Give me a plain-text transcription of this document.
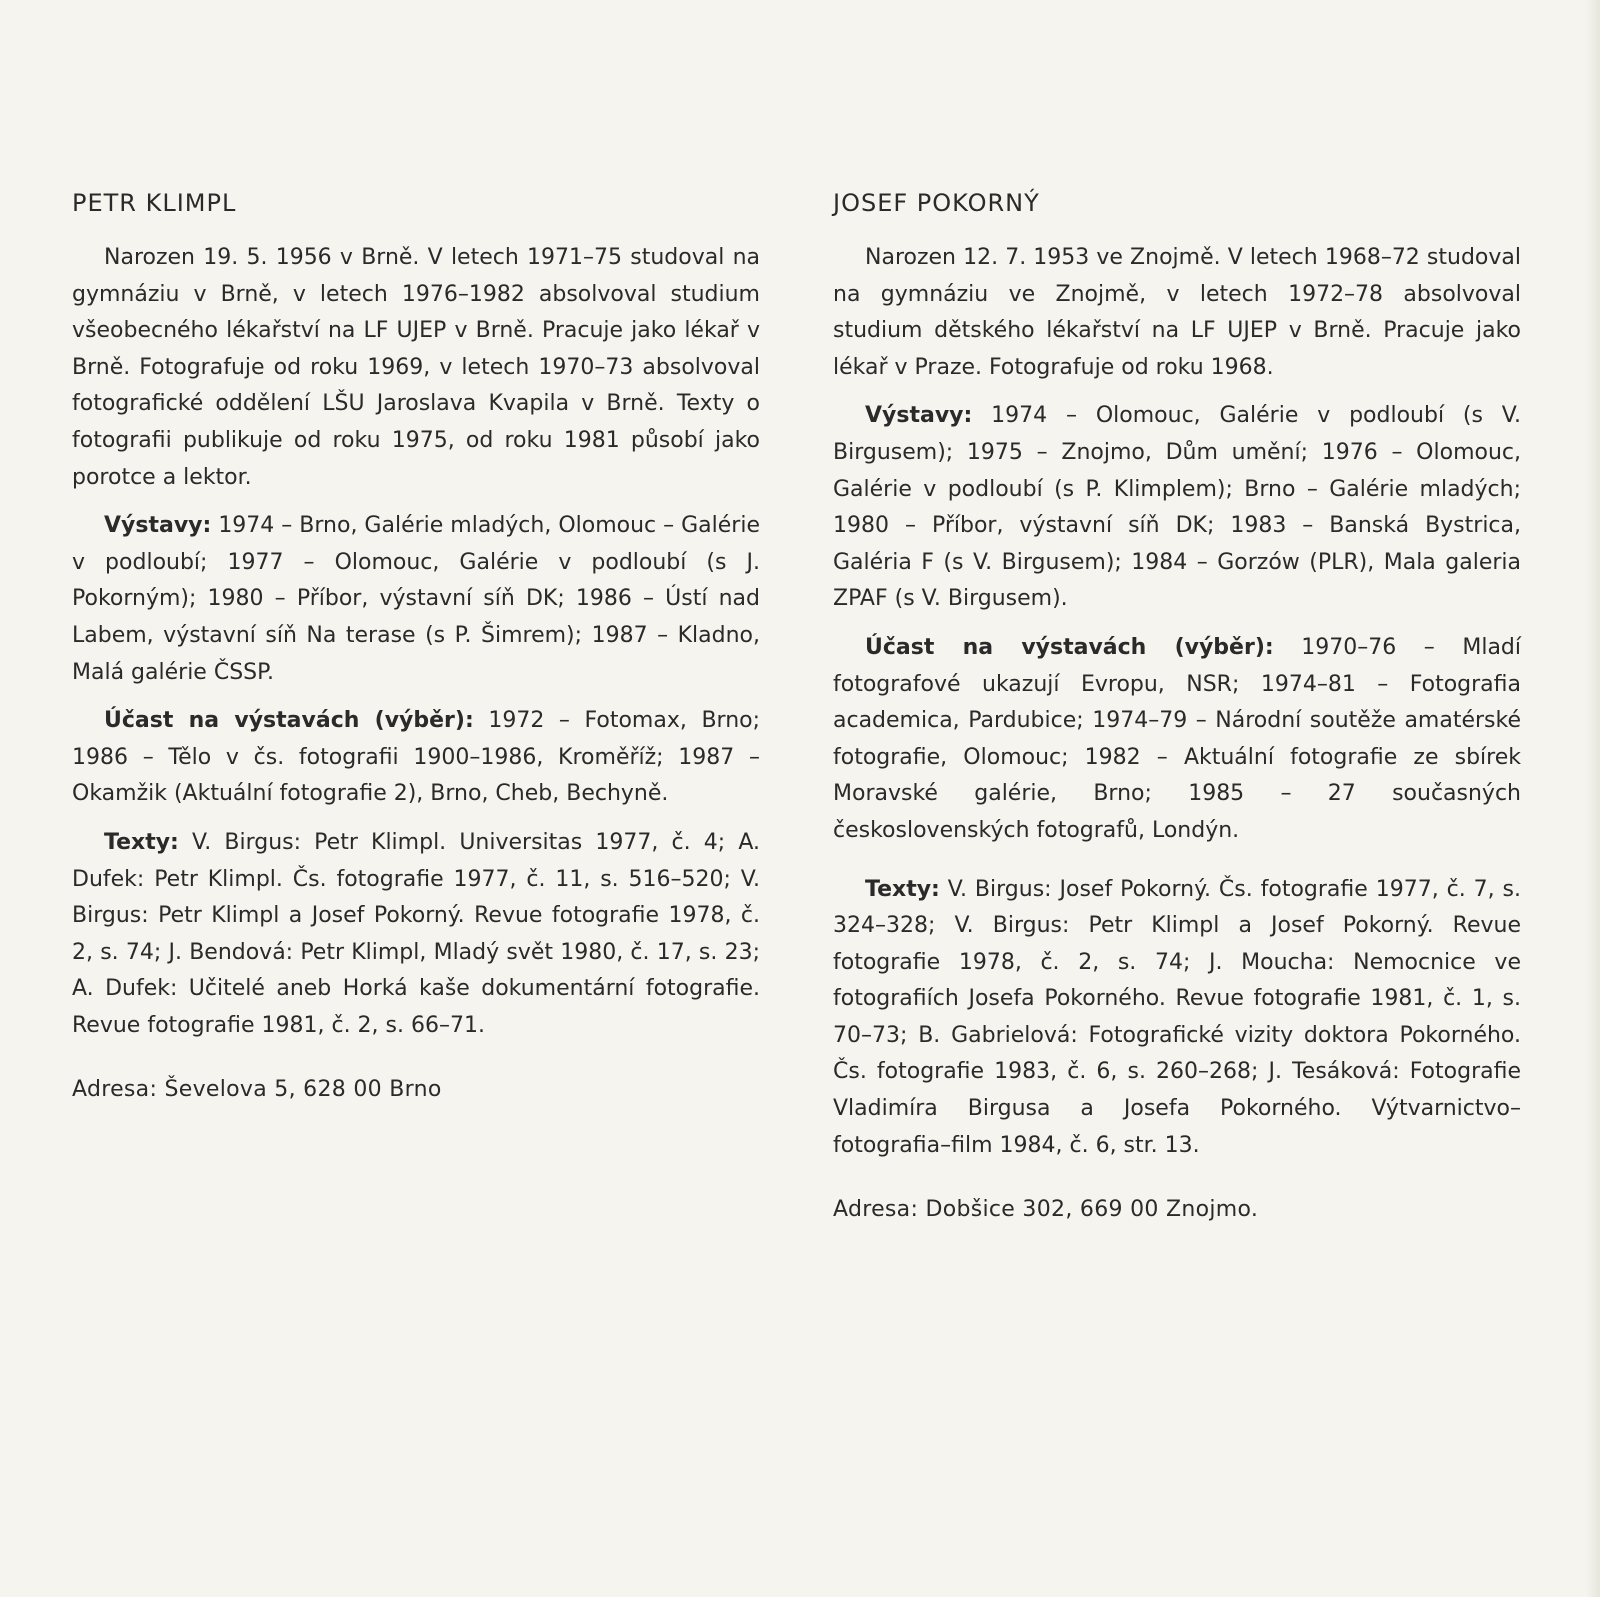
PETR KLIMPL

Narozen 19. 5. 1956 v Brně. V letech 1971–75 studoval na gymnáziu v Brně, v letech 1976–1982 absolvoval studium všeobecného lékařství na LF UJEP v Brně. Pracuje jako lékař v Brně. Fotografuje od roku 1969, v letech 1970–73 absolvoval fotografické oddělení LŠU Jaroslava Kvapila v Brně. Texty o fotografii publikuje od roku 1975, od roku 1981 působí jako porotce a lektor.

Výstavy: 1974 – Brno, Galérie mladých, Olomouc – Galérie v podloubí; 1977 – Olomouc, Galérie v podloubí (s J. Pokorným); 1980 – Příbor, výstavní síň DK; 1986 – Ústí nad Labem, výstavní síň Na terase (s P. Šimrem); 1987 – Kladno, Malá galérie ČSSP.

Účast na výstavách (výběr): 1972 – Fotomax, Brno; 1986 – Tělo v čs. fotografii 1900–1986, Kroměříž; 1987 – Okamžik (Aktuální fotografie 2), Brno, Cheb, Bechyně.

Texty: V. Birgus: Petr Klimpl. Universitas 1977, č. 4; A. Dufek: Petr Klimpl. Čs. fotografie 1977, č. 11, s. 516–520; V. Birgus: Petr Klimpl a Josef Pokorný. Revue fotografie 1978, č. 2, s. 74; J. Bendová: Petr Klimpl, Mladý svět 1980, č. 17, s. 23; A. Dufek: Učitelé aneb Horká kaše dokumentární fotografie. Revue fotografie 1981, č. 2, s. 66–71.

Adresa: Ševelova 5, 628 00 Brno

JOSEF POKORNÝ

Narozen 12. 7. 1953 ve Znojmě. V letech 1968–72 studoval na gymnáziu ve Znojmě, v letech 1972–78 absolvoval studium dětského lékařství na LF UJEP v Brně. Pracuje jako lékař v Praze. Fotografuje od roku 1968.

Výstavy: 1974 – Olomouc, Galérie v podloubí (s V. Birgusem); 1975 – Znojmo, Dům umění; 1976 – Olomouc, Galérie v podloubí (s P. Klimplem); Brno – Galérie mladých; 1980 – Příbor, výstavní síň DK; 1983 – Banská Bystrica, Galéria F (s V. Birgusem); 1984 – Gorzów (PLR), Mala galeria ZPAF (s V. Birgusem).

Účast na výstavách (výběr): 1970–76 – Mladí fotografové ukazují Evropu, NSR; 1974–81 – Fotografia academica, Pardubice; 1974–79 – Národní soutěže amatérské fotografie, Olomouc; 1982 – Aktuální fotografie ze sbírek Moravské galérie, Brno; 1985 – 27 současných československých fotografů, Londýn.

Texty: V. Birgus: Josef Pokorný. Čs. fotografie 1977, č. 7, s. 324–328; V. Birgus: Petr Klimpl a Josef Pokorný. Revue fotografie 1978, č. 2, s. 74; J. Moucha: Nemocnice ve fotografiích Josefa Pokorného. Revue fotografie 1981, č. 1, s. 70–73; B. Gabrielová: Fotografické vizity doktora Pokorného. Čs. fotografie 1983, č. 6, s. 260–268; J. Tesáková: Fotografie Vladimíra Birgusa a Josefa Pokorného. Výtvarnictvo–fotografia–film 1984, č. 6, str. 13.

Adresa: Dobšice 302, 669 00 Znojmo.
